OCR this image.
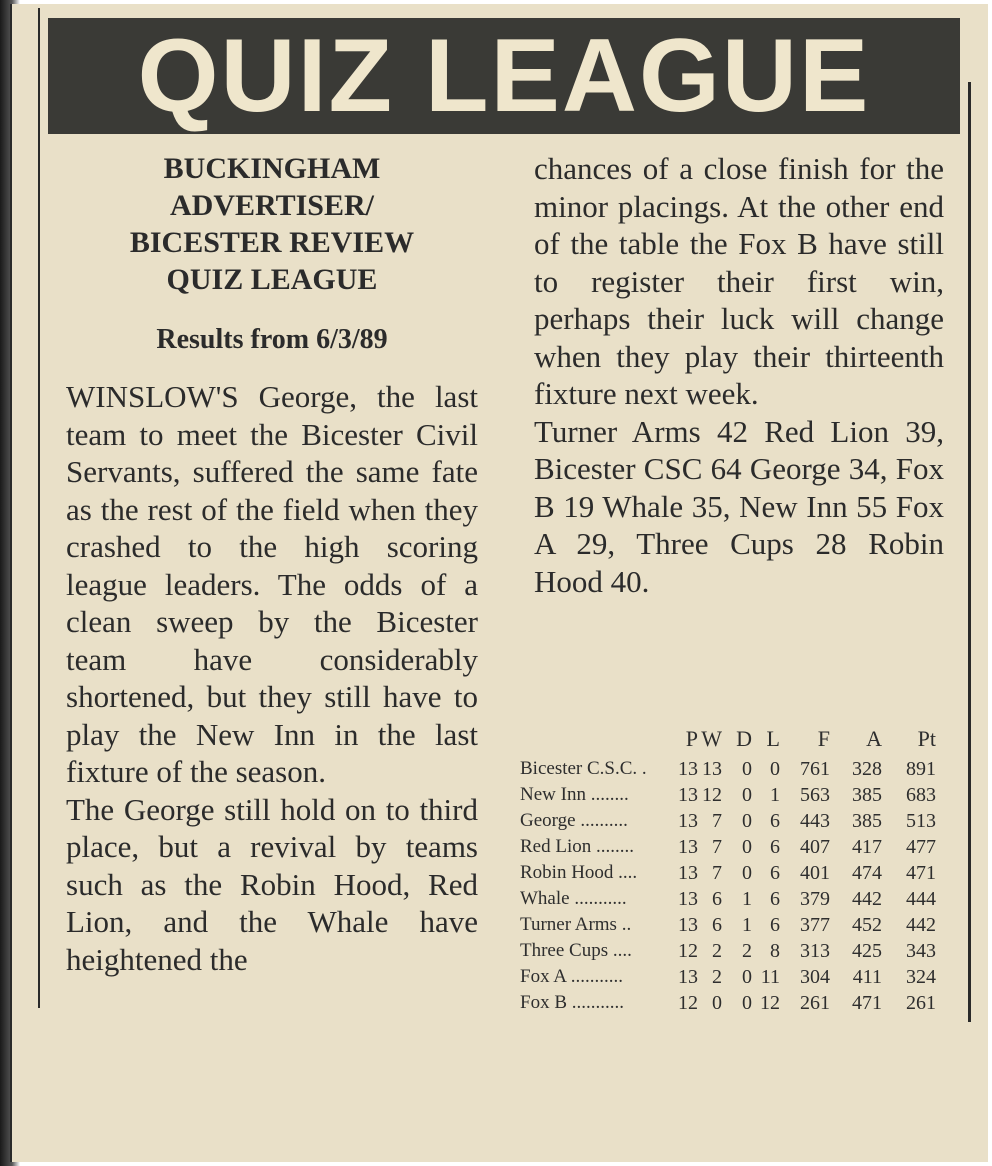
QUIZ LEAGUE
BUCKINGHAM
ADVERTISER/
BICESTER REVIEW
QUIZ LEAGUE
Results from 6/3/89

WINSLOW'S George, the last team to meet the Bicester Civil Servants, suffered the same fate as the rest of the field when they crashed to the high scoring league leaders. The odds of a clean sweep by the Bicester team have considerably shortened, but they still have to play the New Inn in the last fixture of the season.

The George still hold on to third place, but a revival by teams such as the Robin Hood, Red Lion, and the Whale have heightened the

chances of a close finish for the minor placings. At the other end of the table the Fox B have still to register their first win, perhaps their luck will change when they play their thirteenth fixture next week.

Turner Arms 42 Red Lion 39, Bicester CSC 64 George 34, Fox B 19 Whale 35, New Inn 55 Fox A 29, Three Cups 28 Robin Hood 40.

P W D L	F	A	Pt
Bicester C.S.C. .	13 13	0 0	761	328	891
New Inn ........	13 12	0 1	563	385	683
George ..........	13 7	0 6	443	385	513
Red Lion ........	13 7	0 6	407	417	477
Robin Hood ....	13 7	0 6	401	474	471
Whale ...........	13 6	1 6	379	442	444
Turner Arms ..	13 6	1 6	377	452	442
Three Cups ....	12 2	2 8	313	425	343
Fox A ...........	13 2	0 11	304	411	324
Fox B ...........	12 0	0 12	261	471	261
